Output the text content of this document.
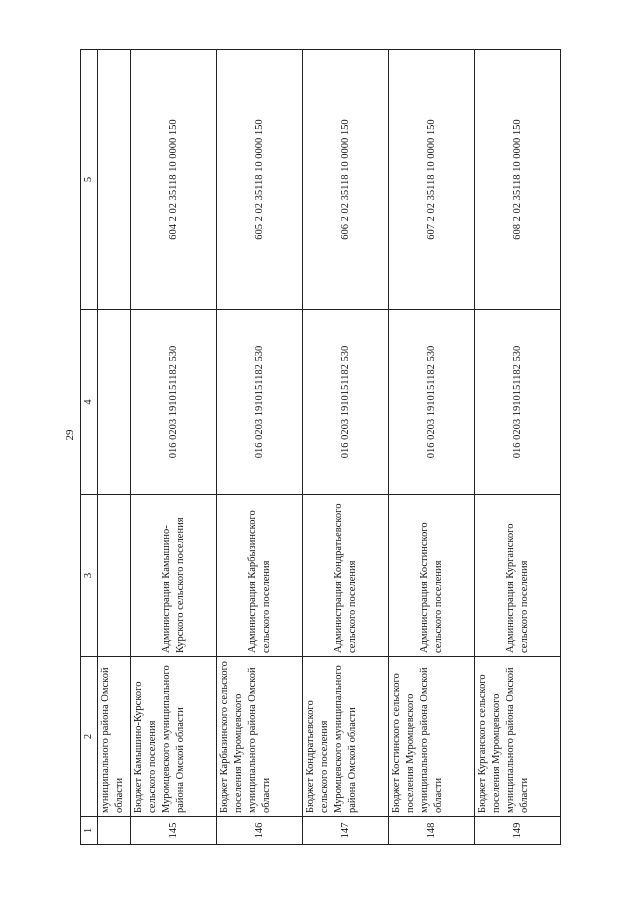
29
1	2	3	4	5
	муниципального района Омской области			
145	Бюджет Камышино-Курского сельского поселения Муромцевского муниципального района Омской области	Администрация Камышино-Курского сельского поселения	016 0203 1910151182 530	604 2 02 35118 10 0000 150
146	Бюджет Карбызинского сельского поселения Муромцевского муниципального района Омской области	Администрация Карбызинского сельского поселения	016 0203 1910151182 530	605 2 02 35118 10 0000 150
147	Бюджет Кондратьевского сельского поселения Муромцевского муниципального района Омской области	Администрация Кондратьевского сельского поселения	016 0203 1910151182 530	606 2 02 35118 10 0000 150
148	Бюджет Костинского сельского поселения Муромцевского муниципального района Омской области	Администрация Костинского сельского поселения	016 0203 1910151182 530	607 2 02 35118 10 0000 150
149	Бюджет Курганского сельского поселения Муромцевского муниципального района Омской области	Администрация Курганского сельского поселения	016 0203 1910151182 530	608 2 02 35118 10 0000 150
